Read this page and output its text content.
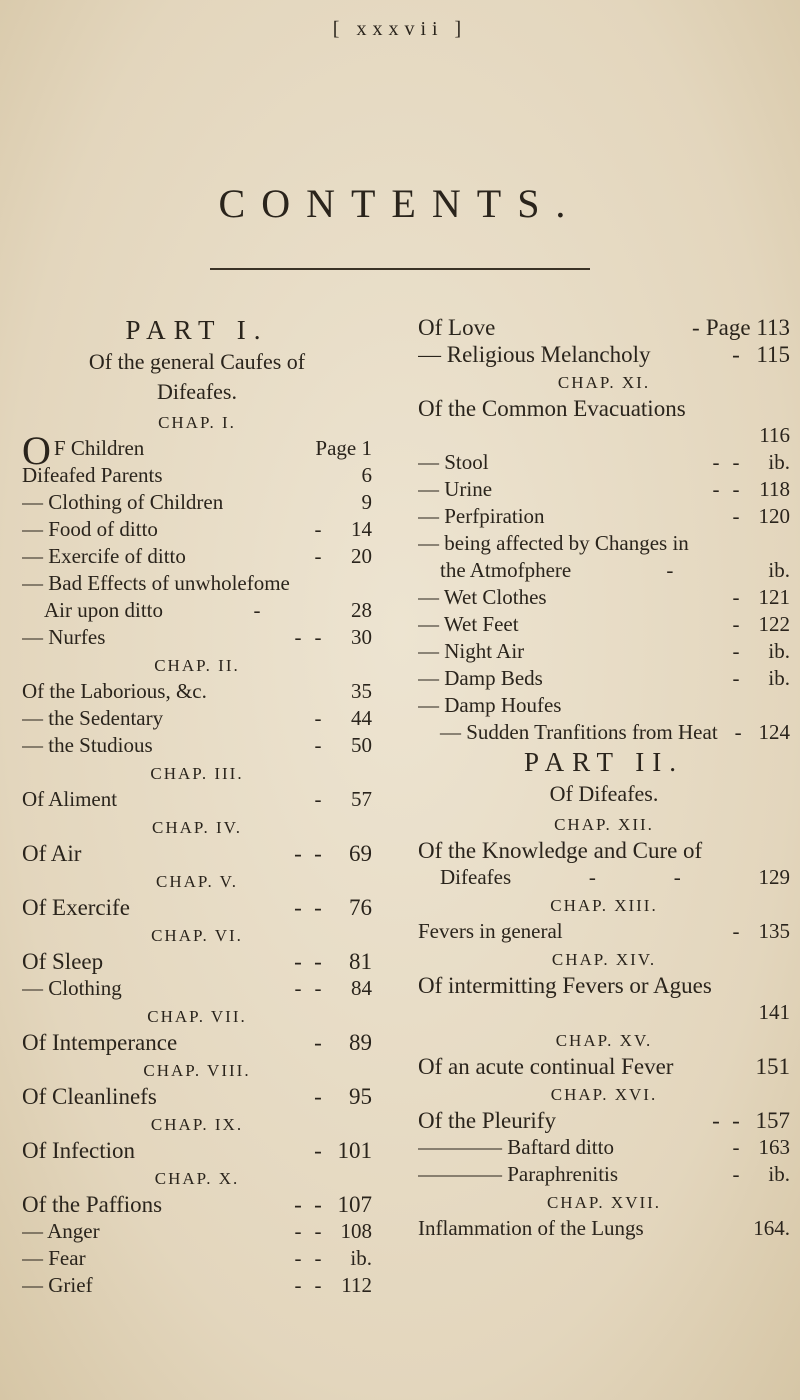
[ xxxvii ]
CONTENTS.
PART I.
Of the general Caufes of
Difeafes.
CHAP. I.
O F Children	Page 1
Difeafed Parents	6
— Clothing of Children	9
— Food of ditto	-	14
— Exercife of ditto	-	20
— Bad Effects of unwholefome
Air upon ditto	-	28
— Nurfes	- -	30
CHAP. II.
Of the Laborious, &c.	35
— the Sedentary	-	44
— the Studious	-	50
CHAP. III.
Of Aliment	-	57
CHAP. IV.
Of Air	- -	69
CHAP. V.
Of Exercife	- -	76
CHAP. VI.
Of Sleep	- -	81
— Clothing	- -	84
CHAP. VII.
Of Intemperance	-	89
CHAP. VIII.
Of Cleanlinefs	-	95
CHAP. IX.
Of Infection	- 101
CHAP. X.
Of the Paffions	- - 107
— Anger	- - 108
— Fear	- -	ib.
— Grief	- - 112
Of Love	- Page 113
— Religious Melancholy	- 115
CHAP. XI.
Of the Common Evacuations
116
— Stool	- -	ib.
— Urine	- - 118
— Perfpiration	- 120
— being affected by Changes in
the Atmofphere	-	ib.
— Wet Clothes	- 121
— Wet Feet	- 122
— Night Air	-	ib.
— Damp Beds	-	ib.
— Damp Houfes
— Sudden Tranfitions from Heat - 124
PART II.
Of Difeafes.
CHAP. XII.
Of the Knowledge and Cure of
Difeafes	-	-	129
CHAP. XIII.
Fevers in general	- 135
CHAP. XIV.
Of intermitting Fevers or Agues
141
CHAP. XV.
Of an acute continual Fever	151
CHAP. XVI.
Of the Pleurify	- - 157
———— Baftard ditto	- 163
———— Paraphrenitis	-	ib.
CHAP. XVII.
Inflammation of the Lungs	164.
